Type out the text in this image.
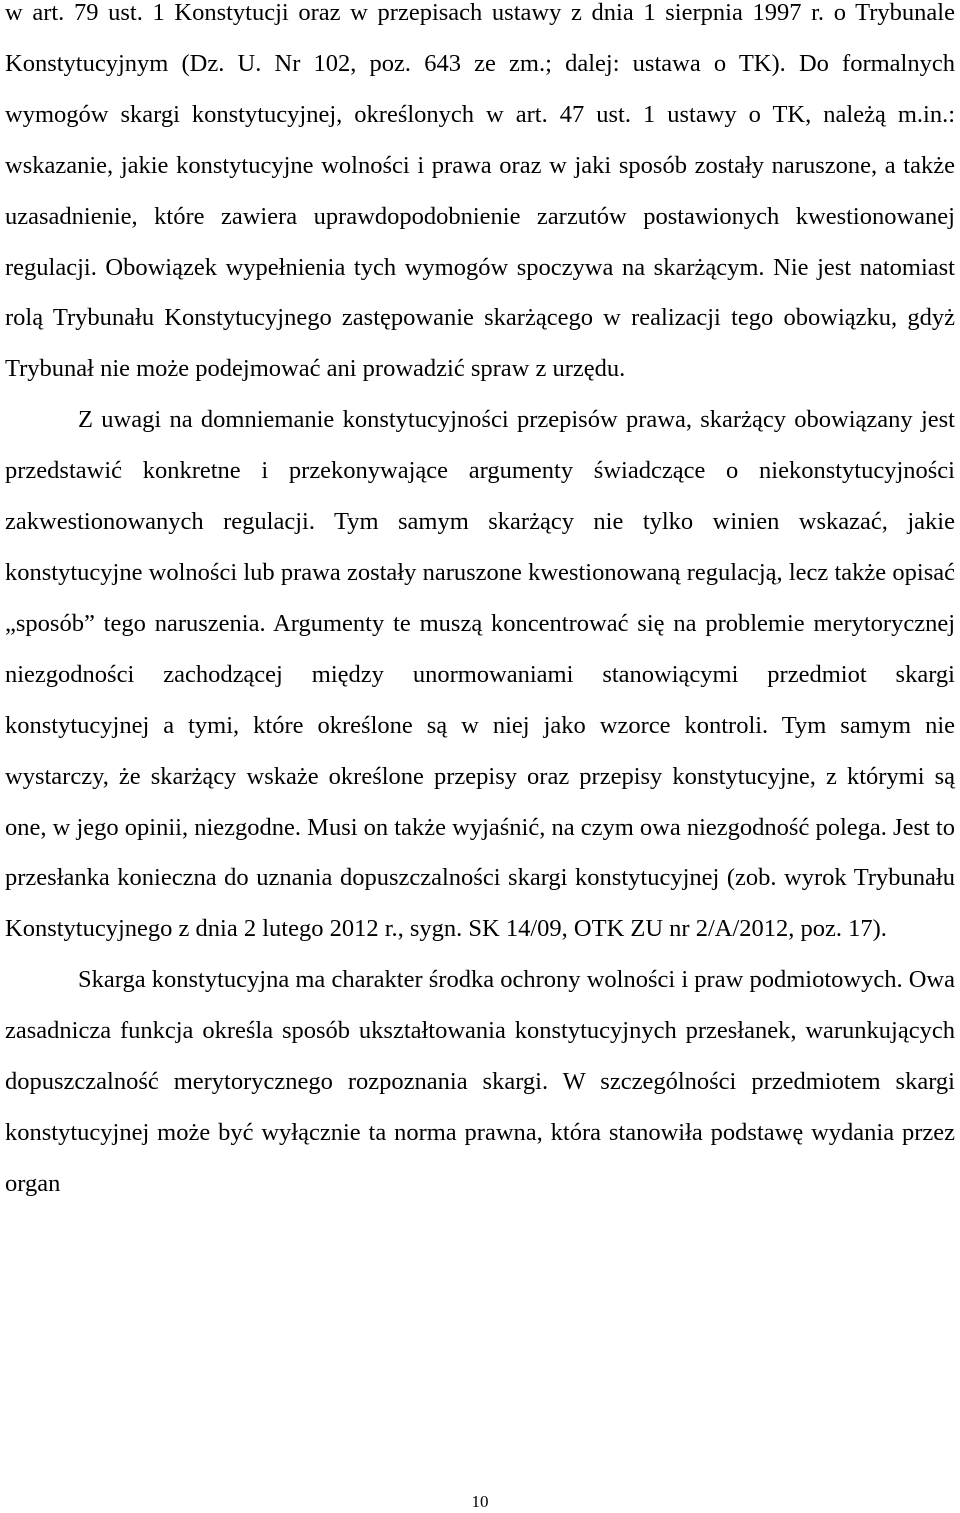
w art. 79 ust. 1 Konstytucji oraz w przepisach ustawy z dnia 1 sierpnia 1997 r. o Trybunale Konstytucyjnym (Dz. U. Nr 102, poz. 643 ze zm.; dalej: ustawa o TK). Do formalnych wymogów skargi konstytucyjnej, określonych w art. 47 ust. 1 ustawy o TK, należą m.in.: wskazanie, jakie konstytucyjne wolności i prawa oraz w jaki sposób zostały naruszone, a także uzasadnienie, które zawiera uprawdopodobnienie zarzutów postawionych kwestionowanej regulacji. Obowiązek wypełnienia tych wymogów spoczywa na skarżącym. Nie jest natomiast rolą Trybunału Konstytucyjnego zastępowanie skarżącego w realizacji tego obowiązku, gdyż Trybunał nie może podejmować ani prowadzić spraw z urzędu.

Z uwagi na domniemanie konstytucyjności przepisów prawa, skarżący obowiązany jest przedstawić konkretne i przekonywające argumenty świadczące o niekonstytucyjności zakwestionowanych regulacji. Tym samym skarżący nie tylko winien wskazać, jakie konstytucyjne wolności lub prawa zostały naruszone kwestionowaną regulacją, lecz także opisać „sposób” tego naruszenia. Argumenty te muszą koncentrować się na problemie merytorycznej niezgodności zachodzącej między unormowaniami stanowiącymi przedmiot skargi konstytucyjnej a tymi, które określone są w niej jako wzorce kontroli. Tym samym nie wystarczy, że skarżący wskaże określone przepisy oraz przepisy konstytucyjne, z którymi są one, w jego opinii, niezgodne. Musi on także wyjaśnić, na czym owa niezgodność polega. Jest to przesłanka konieczna do uznania dopuszczalności skargi konstytucyjnej (zob. wyrok Trybunału Konstytucyjnego z dnia 2 lutego 2012 r., sygn. SK 14/09, OTK ZU nr 2/A/2012, poz. 17).

Skarga konstytucyjna ma charakter środka ochrony wolności i praw podmiotowych. Owa zasadnicza funkcja określa sposób ukształtowania konstytucyjnych przesłanek, warunkujących dopuszczalność merytorycznego rozpoznania skargi. W szczególności przedmiotem skargi konstytucyjnej może być wyłącznie ta norma prawna, która stanowiła podstawę wydania przez organ

10
